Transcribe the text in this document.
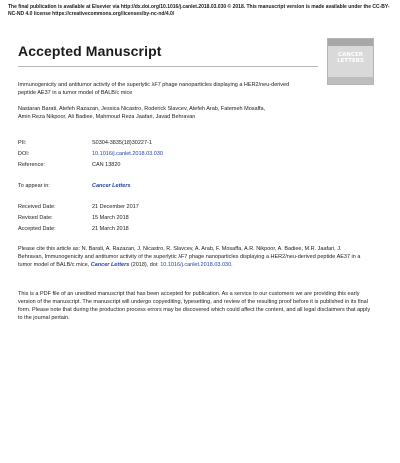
The final publication is available at Elsevier via http://dx.doi.org/10.1016/j.canlet.2018.03.030 © 2018. This manuscript version is made available under the CC-BY-NC-ND 4.0 license https://creativecommons.org/licenses/by-nc-nd/4.0/
Accepted Manuscript	CANCER LETTERS
Immunogenicity and antitumor activity of the superlytic λF7 phage nanoparticles displaying a HER2/neu-derived peptide AE37 in a tumor model of BALB/c mice
Nastaran Barati, Atefeh Razazan, Jessica Nicastro, Roderick Slavcev, Atefeh Arab, Fatemeh Mosaffa, Amin Reza Nikpoor, Ali Badiee, Mahmoud Reza Jaafari, Javad Behravan
PII:	S0304-3835(18)30227-1
DOI:	10.1016/j.canlet.2018.03.030
Reference:	CAN 13820
To appear in:	Cancer Letters
Received Date:	21 December 2017
Revised Date:	15 March 2018
Accepted Date:	21 March 2018
Please cite this article as: N. Barati, A. Razazan, J. Nicastro, R. Slavcev, A. Arab, F. Mosaffa, A.R. Nikpoor, A. Badiee, M.R. Jaafari, J. Behravan, Immunogenicity and antitumor activity of the superlytic λF7 phage nanoparticles displaying a HER2/neu-derived peptide AE37 in a tumor model of BALB/c mice, Cancer Letters (2018), doi: 10.1016/j.canlet.2018.03.030.
This is a PDF file of an unedited manuscript that has been accepted for publication. As a service to our customers we are providing this early version of the manuscript. The manuscript will undergo copyediting, typesetting, and review of the resulting proof before it is published in its final form. Please note that during the production process errors may be discovered which could affect the content, and all legal disclaimers that apply to the journal pertain.
